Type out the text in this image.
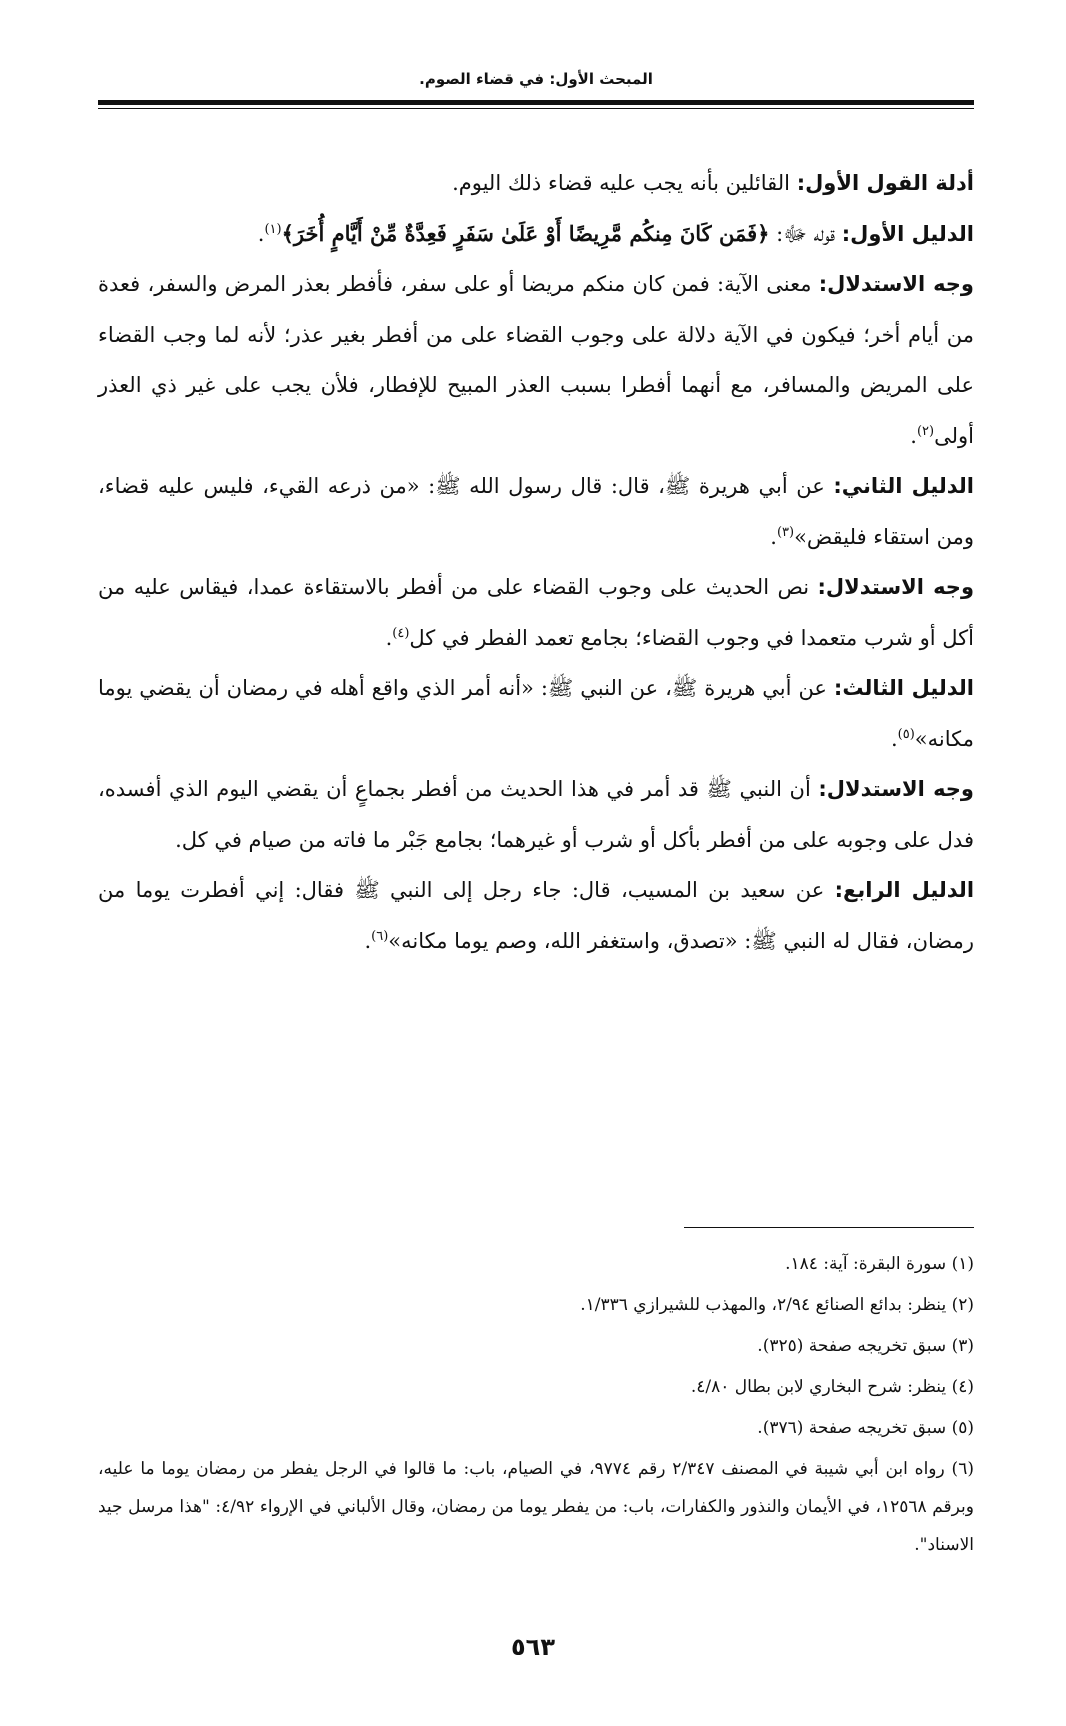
المبحث الأول: في قضاء الصوم.

أدلة القول الأول: القائلين بأنه يجب عليه قضاء ذلك اليوم.

الدليل الأول: قوله ﷻ: ﴿فَمَن كَانَ مِنكُم مَّرِيضًا أَوْ عَلَىٰ سَفَرٍ فَعِدَّةٌ مِّنْ أَيَّامٍ أُخَرَ﴾$^{(١)}$.

وجه الاستدلال: معنى الآية: فمن كان منكم مريضا أو على سفر، فأفطر بعذر المرض والسفر، فعدة من أيام أخر؛ فيكون في الآية دلالة على وجوب القضاء على من أفطر بغير عذر؛ لأنه لما وجب القضاء على المريض والمسافر، مع أنهما أفطرا بسبب العذر المبيح للإفطار، فلأن يجب على غير ذي العذر أولى$^{(٢)}$.

الدليل الثاني: عن أبي هريرة ﷺ، قال: قال رسول الله ﷺ: «من ذرعه القيء، فليس عليه قضاء، ومن استقاء فليقض»$^{(٣)}$.

وجه الاستدلال: نص الحديث على وجوب القضاء على من أفطر بالاستقاءة عمدا، فيقاس عليه من أكل أو شرب متعمدا في وجوب القضاء؛ بجامع تعمد الفطر في كل$^{(٤)}$.

الدليل الثالث: عن أبي هريرة ﷺ، عن النبي ﷺ: «أنه أمر الذي واقع أهله في رمضان أن يقضي يوما مكانه»$^{(٥)}$.

وجه الاستدلال: أن النبي ﷺ قد أمر في هذا الحديث من أفطر بجماعٍ أن يقضي اليوم الذي أفسده، فدل على وجوبه على من أفطر بأكل أو شرب أو غيرهما؛ بجامع جَبْر ما فاته من صيام في كل.

الدليل الرابع: عن سعيد بن المسيب، قال: جاء رجل إلى النبي ﷺ فقال: إني أفطرت يوما من رمضان، فقال له النبي ﷺ: «تصدق، واستغفر الله، وصم يوما مكانه»$^{(٦)}$.

(١) سورة البقرة: آية: ١٨٤.

(٢) ينظر: بدائع الصنائع ٢/٩٤، والمهذب للشيرازي ١/٣٣٦.

(٣) سبق تخريجه صفحة (٣٢٥).

(٤) ينظر: شرح البخاري لابن بطال ٤/٨٠.

(٥) سبق تخريجه صفحة (٣٧٦).

(٦) رواه ابن أبي شيبة في المصنف ٢/٣٤٧ رقم ٩٧٧٤، في الصيام، باب: ما قالوا في الرجل يفطر من رمضان يوما ما عليه، وبرقم ١٢٥٦٨، في الأيمان والنذور والكفارات، باب: من يفطر يوما من رمضان، وقال الألباني في الإرواء ٤/٩٢: "هذا مرسل جيد الاسناد".

٥٦٣
